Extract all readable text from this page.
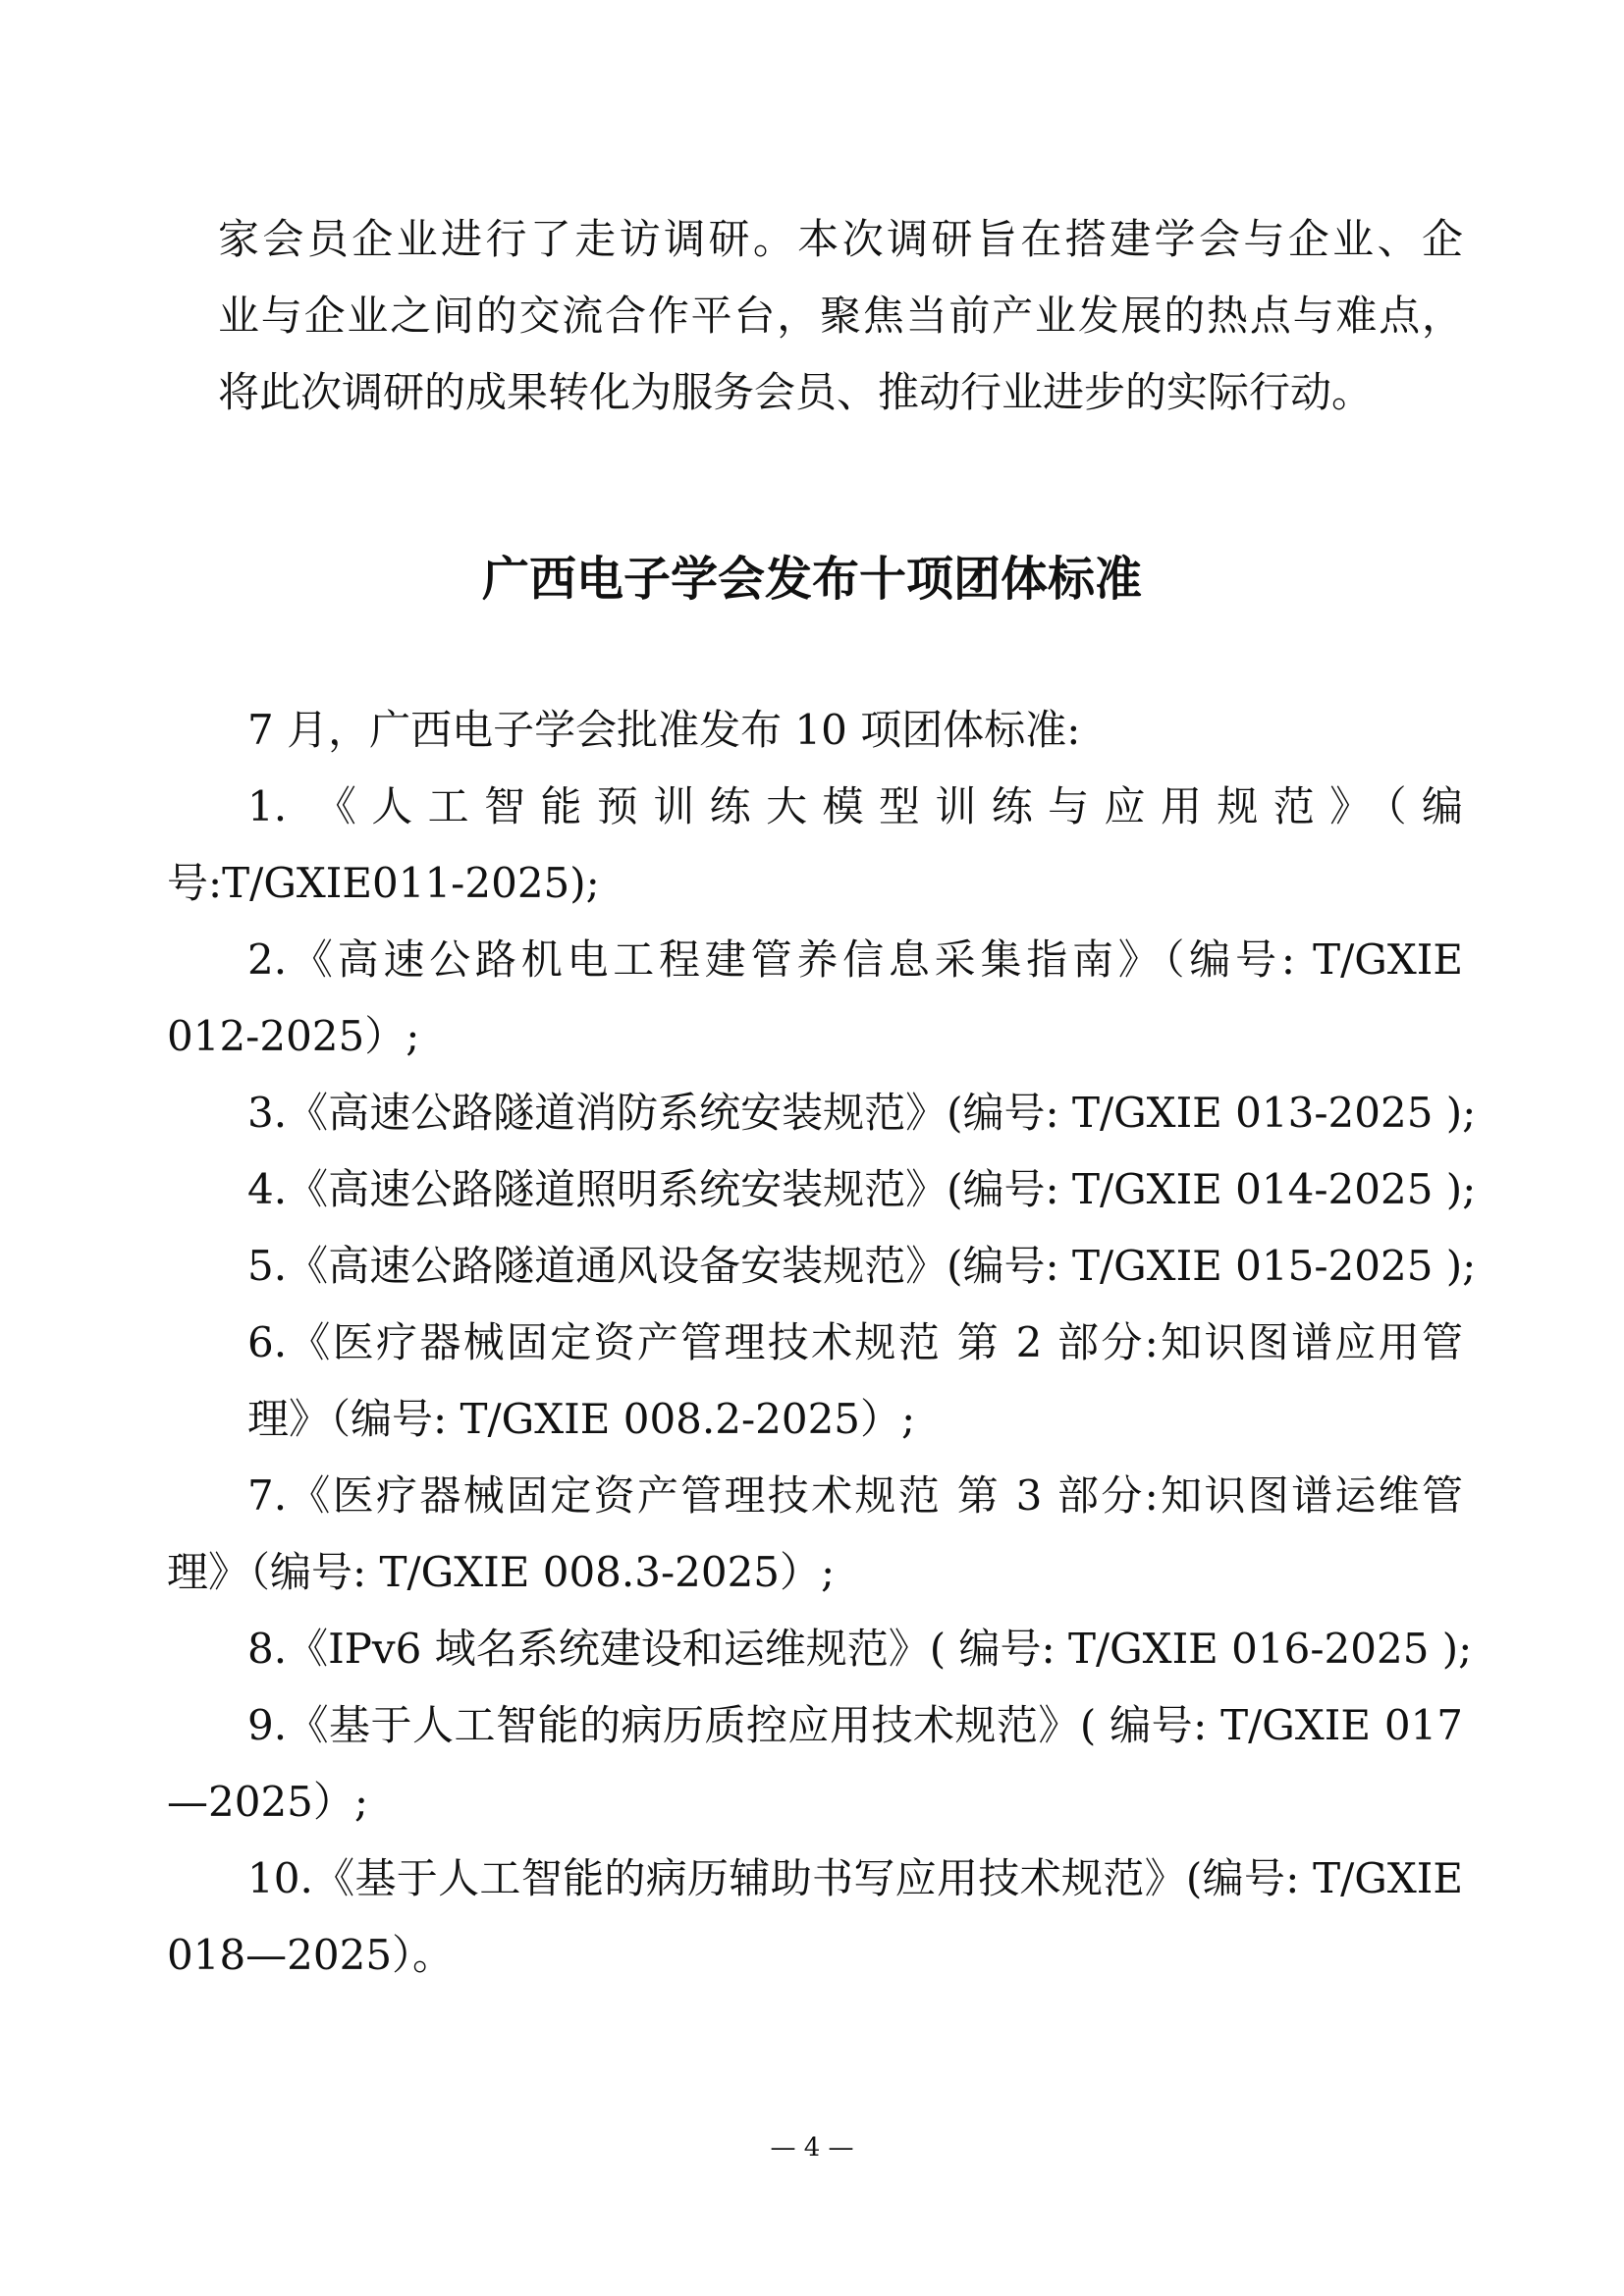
家会员企业进行了走访调研。本次调研旨在搭建学会与企业、企
业与企业之间的交流合作平台，聚焦当前产业发展的热点与难点，
将此次调研的成果转化为服务会员、推动行业进步的实际行动。
广西电子学会发布十项团体标准
7 月，广西电子学会批准发布 10 项团体标准:
1. 《人工智能预训练大模型训练与应用规范》（编
号:T/GXIE011-2025);
2.《高速公路机电工程建管养信息采集指南》（编号: T/GXIE
012-2025）;
3.《高速公路隧道消防系统安装规范》(编号: T/GXIE 013-2025 );
4.《高速公路隧道照明系统安装规范》(编号: T/GXIE 014-2025 );
5.《高速公路隧道通风设备安装规范》(编号: T/GXIE 015-2025 );
6.《医疗器械固定资产管理技术规范 第 2 部分:知识图谱应用管
理》（编号: T/GXIE 008.2-2025）;
7.《医疗器械固定资产管理技术规范 第 3 部分:知识图谱运维管
理》（编号: T/GXIE 008.3-2025）;
8.《IPv6 域名系统建设和运维规范》( 编号: T/GXIE 016-2025 );
9.《基于人工智能的病历质控应用技术规范》( 编号: T/GXIE 017
—2025）;
10.《基于人工智能的病历辅助书写应用技术规范》(编号: T/GXIE
018—2025）。
— 4 —
